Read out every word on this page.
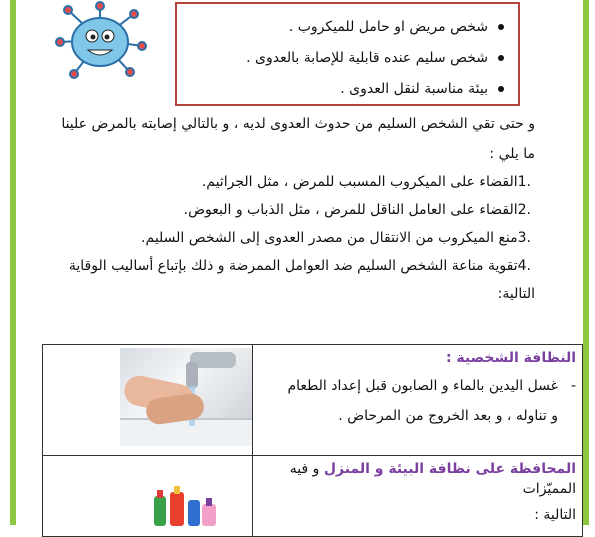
شخص مريض او حامل للميكروب .
شخص سليم عنده قابلية للإصابة بالعدوى .
بيئة مناسبة لنقل العدوى .

و حتى تقي الشخص السليم من حدوث العدوى لديه ، و بالتالي إصابته بالمرض علينا

ما يلي :

.1القضاء على الميكروب المسبب للمرض ، مثل الجراثيم.

.2القضاء على العامل الناقل للمرض ، مثل الذباب و البعوض.

.3منع الميكروب من الانتقال من مصدر العدوى إلى الشخص السليم.

.4تقوية مناعة الشخص السليم ضد العوامل الممرضة و ذلك بإتباع أساليب الوقاية

التالية:

النظافة الشخصية :
-
غسل اليدين بالماء و الصابون قبل إعداد الطعام
و تناوله ، و بعد الخروج من المرحاض .	

المحافظة على نظافة البيئة و المنزل و فيه المميّزات
التالية :	
